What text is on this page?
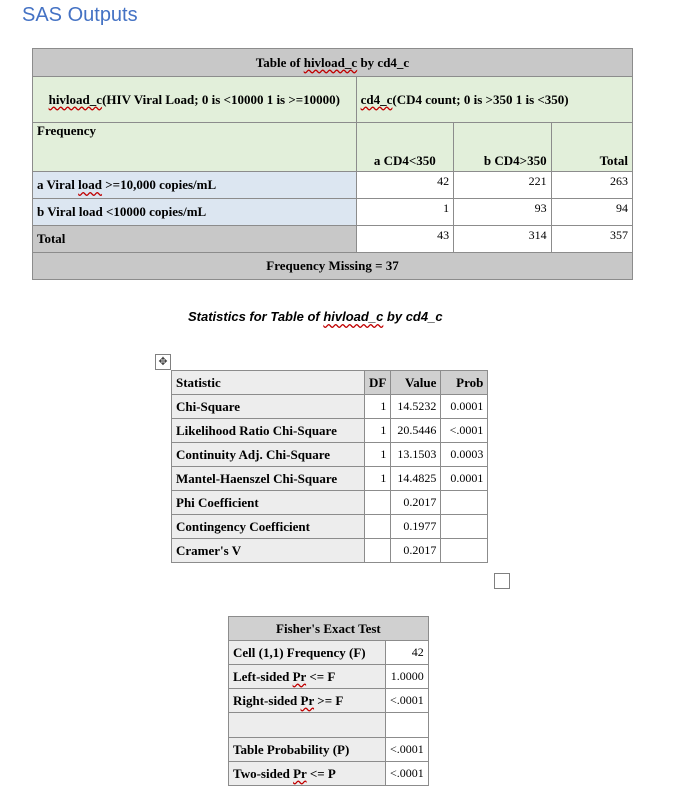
SAS Outputs
Table of hivload_c by cd4_c			
hivload_c(HIV Viral Load; 0 is <10000 1 is >=10000)	cd4_c(CD4 count; 0 is >350 1 is <350)		
Frequency	a CD4<350	b CD4>350	Total
a Viral load >=10,000 copies/mL	42	221	263
b Viral load <10000 copies/mL	1	93	94
Total	43	314	357
Frequency Missing = 37			
Statistics for Table of hivload_c by cd4_c
✥
Statistic	DF	Value	Prob
Chi-Square	1	14.5232	0.0001
Likelihood Ratio Chi-Square	1	20.5446	<.0001
Continuity Adj. Chi-Square	1	13.1503	0.0003
Mantel-Haenszel Chi-Square	1	14.4825	0.0001
Phi Coefficient		0.2017	
Contingency Coefficient		0.1977	
Cramer's V		0.2017	
Fisher's Exact Test	
Cell (1,1) Frequency (F)	42
Left-sided Pr <= F	1.0000
Right-sided Pr >= F	<.0001

Table Probability (P)	<.0001
Two-sided Pr <= P	<.0001
